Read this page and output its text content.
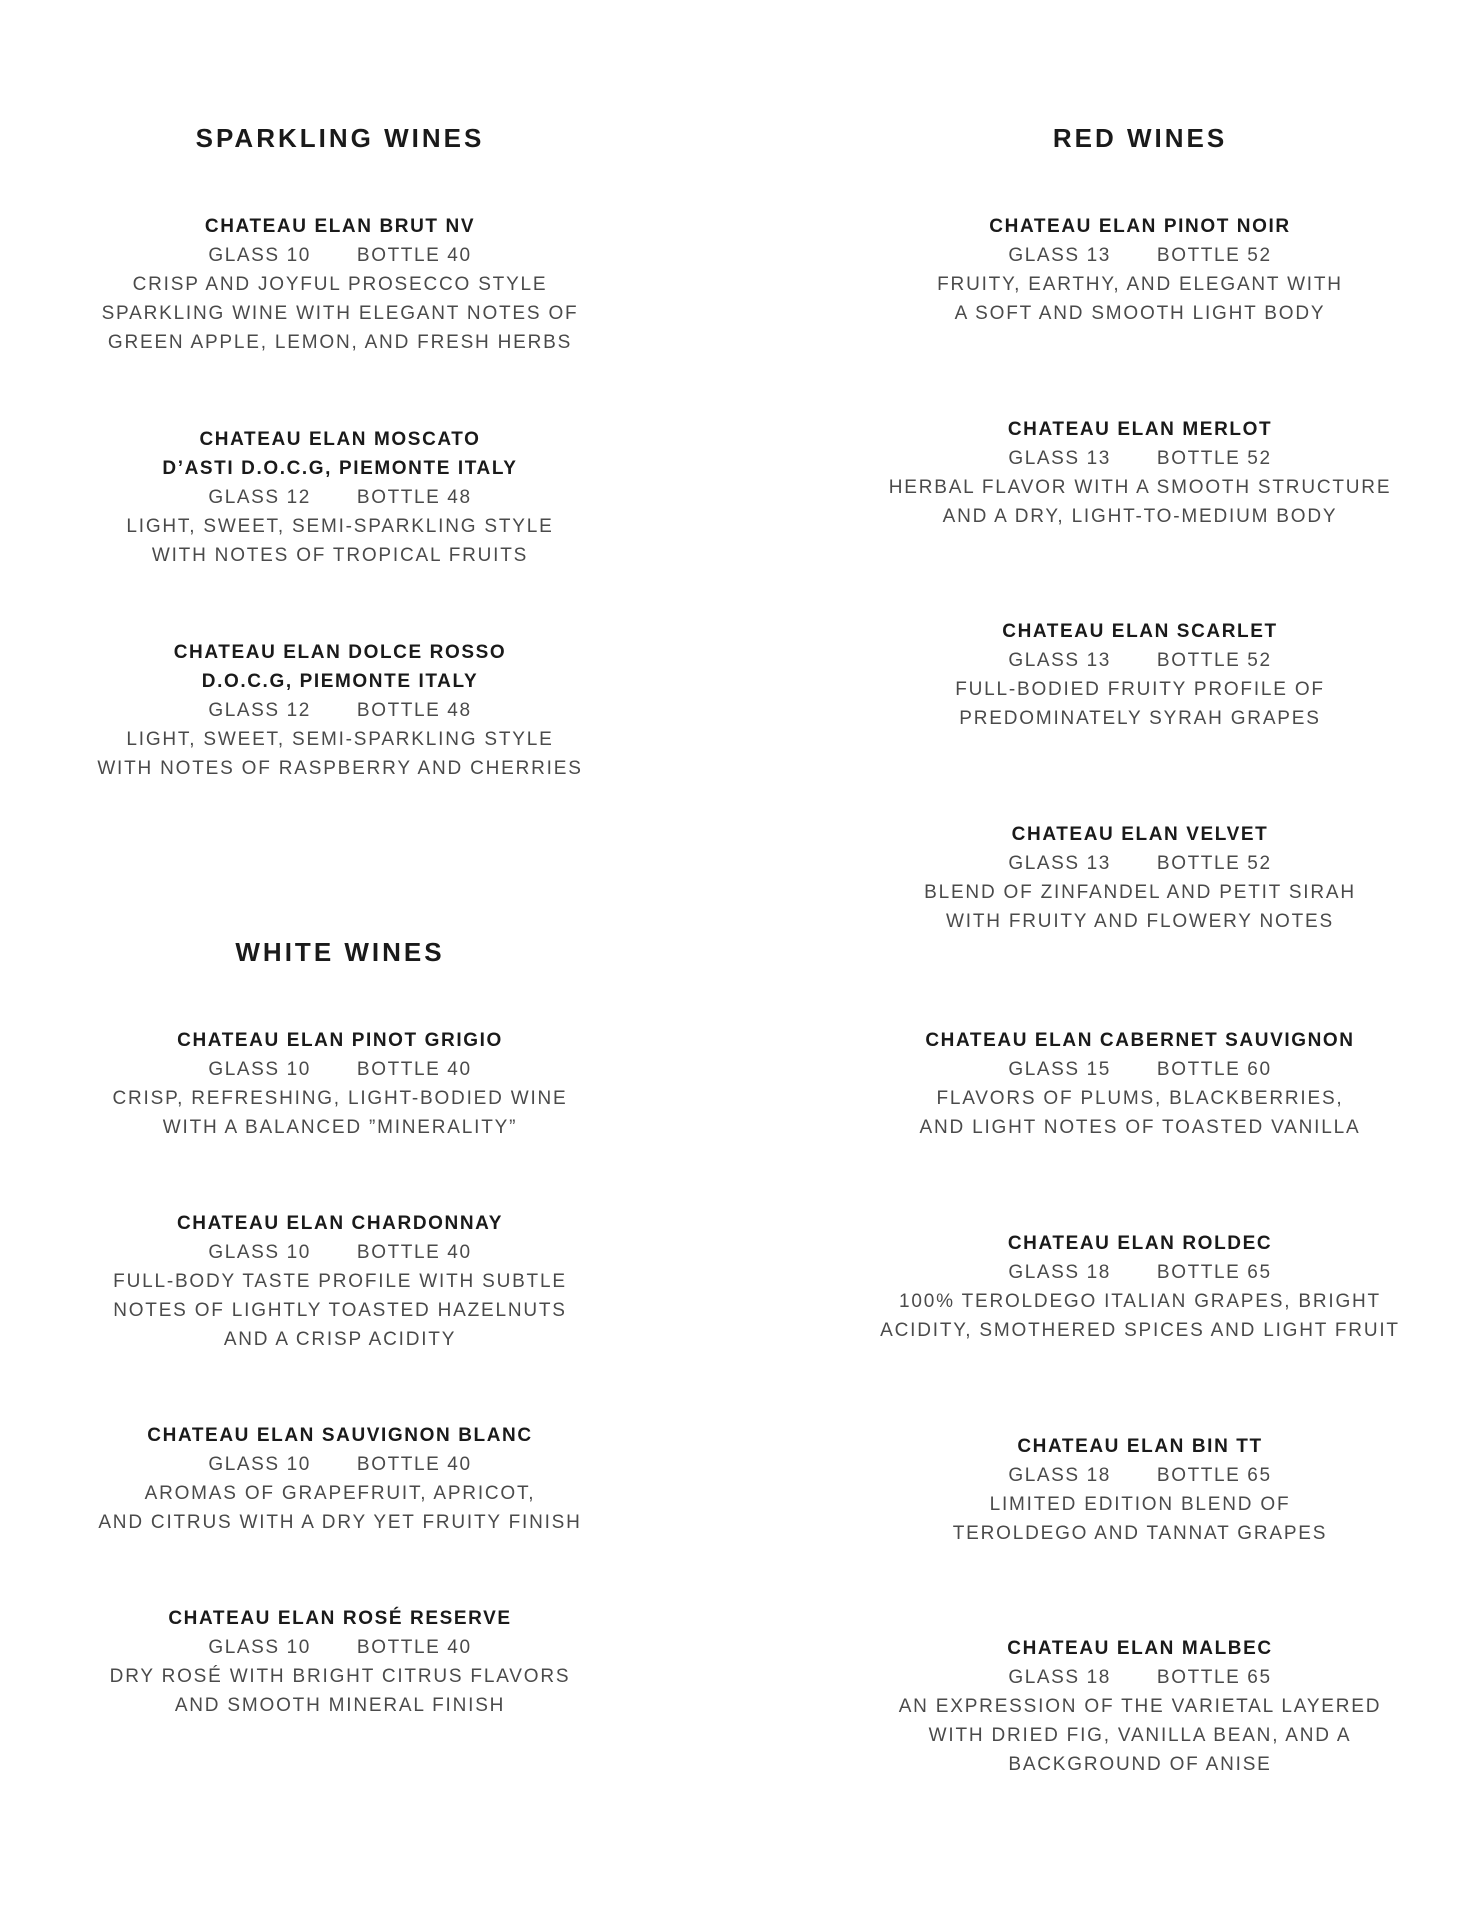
SPARKLING WINES
CHATEAU ELAN BRUT NV
GLASS 10 BOTTLE 40
CRISP AND JOYFUL PROSECCO STYLE
SPARKLING WINE WITH ELEGANT NOTES OF
GREEN APPLE, LEMON, AND FRESH HERBS
CHATEAU ELAN MOSCATO
D’ASTI D.O.C.G, PIEMONTE ITALY
GLASS 12 BOTTLE 48
LIGHT, SWEET, SEMI-SPARKLING STYLE
WITH NOTES OF TROPICAL FRUITS
CHATEAU ELAN DOLCE ROSSO
D.O.C.G, PIEMONTE ITALY
GLASS 12 BOTTLE 48
LIGHT, SWEET, SEMI-SPARKLING STYLE
WITH NOTES OF RASPBERRY AND CHERRIES
WHITE WINES
CHATEAU ELAN PINOT GRIGIO
GLASS 10 BOTTLE 40
CRISP, REFRESHING, LIGHT-BODIED WINE
WITH A BALANCED ”MINERALITY”
CHATEAU ELAN CHARDONNAY
GLASS 10 BOTTLE 40
FULL-BODY TASTE PROFILE WITH SUBTLE
NOTES OF LIGHTLY TOASTED HAZELNUTS
AND A CRISP ACIDITY
CHATEAU ELAN SAUVIGNON BLANC
GLASS 10 BOTTLE 40
AROMAS OF GRAPEFRUIT, APRICOT,
AND CITRUS WITH A DRY YET FRUITY FINISH
CHATEAU ELAN ROSÉ RESERVE
GLASS 10 BOTTLE 40
DRY ROSÉ WITH BRIGHT CITRUS FLAVORS
AND SMOOTH MINERAL FINISH
RED WINES
CHATEAU ELAN PINOT NOIR
GLASS 13 BOTTLE 52
FRUITY, EARTHY, AND ELEGANT WITH
A SOFT AND SMOOTH LIGHT BODY
CHATEAU ELAN MERLOT
GLASS 13 BOTTLE 52
HERBAL FLAVOR WITH A SMOOTH STRUCTURE
AND A DRY, LIGHT-TO-MEDIUM BODY
CHATEAU ELAN SCARLET
GLASS 13 BOTTLE 52
FULL-BODIED FRUITY PROFILE OF
PREDOMINATELY SYRAH GRAPES
CHATEAU ELAN VELVET
GLASS 13 BOTTLE 52
BLEND OF ZINFANDEL AND PETIT SIRAH
WITH FRUITY AND FLOWERY NOTES
CHATEAU ELAN CABERNET SAUVIGNON
GLASS 15 BOTTLE 60
FLAVORS OF PLUMS, BLACKBERRIES,
AND LIGHT NOTES OF TOASTED VANILLA
CHATEAU ELAN ROLDEC
GLASS 18 BOTTLE 65
100% TEROLDEGO ITALIAN GRAPES, BRIGHT
ACIDITY, SMOTHERED SPICES AND LIGHT FRUIT
CHATEAU ELAN BIN TT
GLASS 18 BOTTLE 65
LIMITED EDITION BLEND OF
TEROLDEGO AND TANNAT GRAPES
CHATEAU ELAN MALBEC
GLASS 18 BOTTLE 65
AN EXPRESSION OF THE VARIETAL LAYERED
WITH DRIED FIG, VANILLA BEAN, AND A
BACKGROUND OF ANISE
